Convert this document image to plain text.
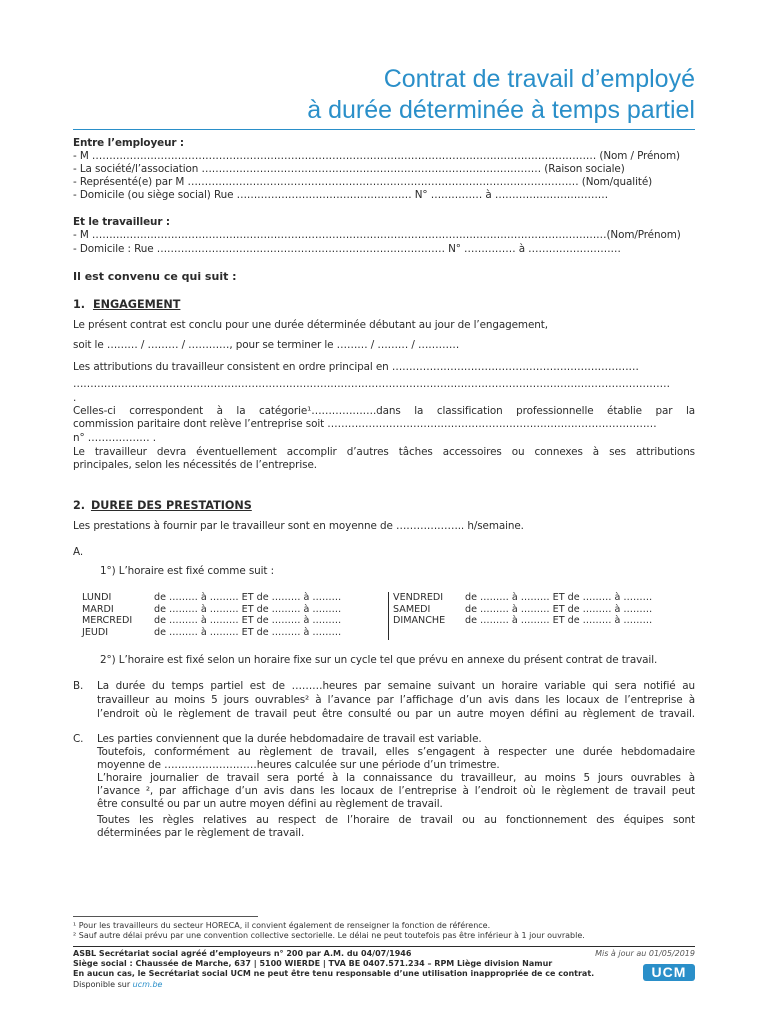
Contrat de travail d’employé
à durée déterminée à temps partiel
Entre l’employeur :
- M ………………………………………………………………………………………………………………………………… (Nom / Prénom)
- La société/l’association ……………………………………………………………………………………… (Raison sociale)
- Représenté(e) par M …………………………………………………………………………………………………… (Nom/qualité)
- Domicile (ou siège social) Rue …………………………………………… N° …………… à ……………………………
Et le travailleur :
- M ……………………………………………………………………………………………………………………………………(Nom/Prénom)
- Domicile : Rue ………………………………………………………………………… N° …………… à ………………………
Il est convenu ce qui suit :
1. ENGAGEMENT
Le présent contrat est conclu pour une durée déterminée débutant au jour de l’engagement,
soit le ……… / ……… / …………, pour se terminer le ……… / ……… / …………
Les attributions du travailleur consistent en ordre principal en ………………………………………………………………
…………………………………………………………………………………………………………………………………………………………
.
Celles-ci correspondent à la catégorie¹……………….dans la classification professionnelle établie par la
commission paritaire dont relève l’entreprise soit ……………………………………………………………………………………
n° ……………… .
Le travailleur devra éventuellement accomplir d’autres tâches accessoires ou connexes à ses attributions
principales, selon les nécessités de l’entreprise.
2. DUREE DES PRESTATIONS
Les prestations à fournir par le travailleur sont en moyenne de ……………….. h/semaine.
A.
1°) L’horaire est fixé comme suit :
LUNDI	de ……… à ……… ET de ……… à ………
MARDI	de ……… à ……… ET de ……… à ………
MERCREDI	de ……… à ……… ET de ……… à ………
JEUDI	de ……… à ……… ET de ……… à ………
VENDREDI	de ……… à ……… ET de ……… à ………
SAMEDI	de ……… à ……… ET de ……… à ………
DIMANCHE	de ……… à ……… ET de ……… à ………
2°) L’horaire est fixé selon un horaire fixe sur un cycle tel que prévu en annexe du présent contrat de travail.
B. La durée du temps partiel est de ………heures par semaine suivant un horaire variable qui sera notifié au
travailleur au moins 5 jours ouvrables² à l’avance par l’affichage d’un avis dans les locaux de l’entreprise à
l’endroit où le règlement de travail peut être consulté ou par un autre moyen défini au règlement de travail.
C. Les parties conviennent que la durée hebdomadaire de travail est variable.
Toutefois, conformément au règlement de travail, elles s’engagent à respecter une durée hebdomadaire
moyenne de ………………………heures calculée sur une période d’un trimestre.
L’horaire journalier de travail sera porté à la connaissance du travailleur, au moins 5 jours ouvrables à
l’avance ², par affichage d’un avis dans les locaux de l’entreprise à l’endroit où le règlement de travail peut
être consulté ou par un autre moyen défini au règlement de travail.
Toutes les règles relatives au respect de l’horaire de travail ou au fonctionnement des équipes sont
déterminées par le règlement de travail.
¹ Pour les travailleurs du secteur HORECA, il convient également de renseigner la fonction de référence.
² Sauf autre délai prévu par une convention collective sectorielle. Le délai ne peut toutefois pas être inférieur à 1 jour ouvrable.
Mis à jour au 01/05/2019
ASBL Secrétariat social agréé d’employeurs n° 200 par A.M. du 04/07/1946
Siège social : Chaussée de Marche, 637 | 5100 WIERDE | TVA BE 0407.571.234 – RPM Liège division Namur
En aucun cas, le Secrétariat social UCM ne peut être tenu responsable d’une utilisation inappropriée de ce contrat.
Disponible sur ucm.be
UCM
